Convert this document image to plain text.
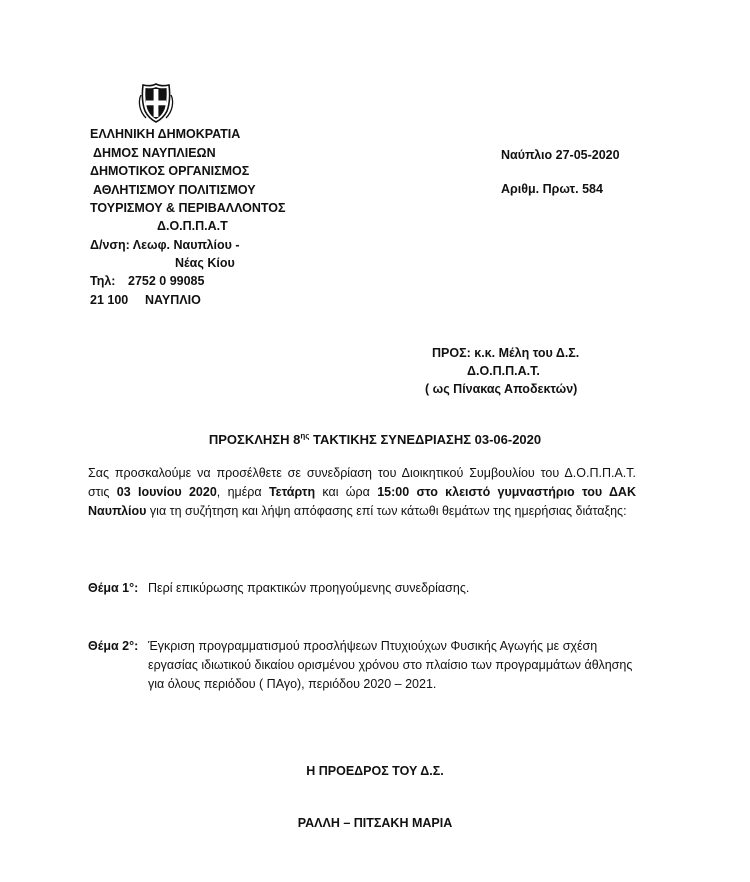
ΕΛΛΗΝΙΚΗ ΔΗΜΟΚΡΑΤΙΑ
ΔΗΜΟΣ ΝΑΥΠΛΙΕΩΝ
ΔΗΜΟΤΙΚΟΣ ΟΡΓΑΝΙΣΜΟΣ
ΑΘΛΗΤΙΣΜΟΥ ΠΟΛΙΤΙΣΜΟΥ
ΤΟΥΡΙΣΜΟΥ & ΠΕΡΙΒΑΛΛΟΝΤΟΣ
Δ.Ο.Π.Π.Α.Τ
Δ/νση: Λεωφ. Ναυπλίου -
Νέας Κίου
Τηλ: 2752 0 99085
21 100 ΝΑΥΠΛΙΟ
Ναύπλιο 27-05-2020
Αριθμ. Πρωτ. 584
ΠΡΟΣ: κ.κ. Μέλη του Δ.Σ.
Δ.Ο.Π.Π.Α.Τ.
( ως Πίνακας Αποδεκτών)
ΠΡΟΣΚΛΗΣΗ $8^{\eta\varsigma}$ ΤΑΚΤΙΚΗΣ ΣΥΝΕΔΡΙΑΣΗΣ 03-06-2020
Σας προσκαλούμε να προσέλθετε σε συνεδρίαση του Διοικητικού Συμβουλίου του Δ.Ο.Π.Π.Α.Τ. στις 03 Ιουνίου 2020, ημέρα Τετάρτη και ώρα 15:00 στο κλειστό γυμναστήριο του ΔΑΚ Ναυπλίου για τη συζήτηση και λήψη απόφασης επί των κάτωθι θεμάτων της ημερήσιας διάταξης:
Θέμα 1°: Περί επικύρωσης πρακτικών προηγούμενης συνεδρίασης.
Θέμα 2°: Έγκριση προγραμματισμού προσλήψεων Πτυχιούχων Φυσικής Αγωγής με σχέση εργασίας ιδιωτικού δικαίου ορισμένου χρόνου στο πλαίσιο των προγραμμάτων άθλησης για όλους περιόδου ( ΠΑγο), περιόδου 2020 – 2021.
Η ΠΡΟΕΔΡΟΣ ΤΟΥ Δ.Σ.
ΡΑΛΛΗ – ΠΙΤΣΑΚΗ ΜΑΡΙΑ
